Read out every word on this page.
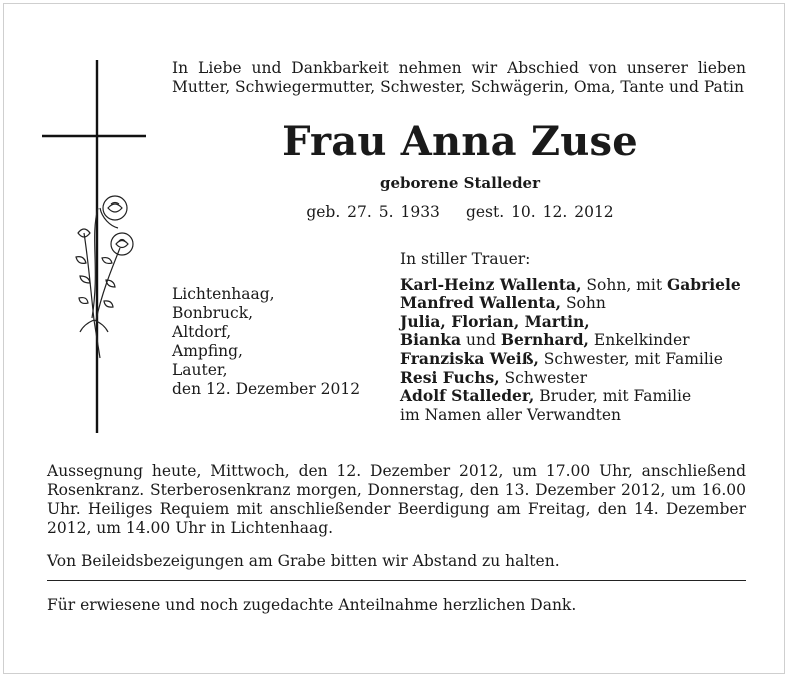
In Liebe und Dankbarkeit nehmen wir Abschied von unserer lieben Mutter, Schwiegermutter, Schwester, Schwägerin, Oma, Tante und Patin
Frau Anna Zuse
geborene Stalleder
geb. 27. 5. 1933 gest. 10. 12. 2012
Lichtenhaag,
Bonbruck,
Altdorf,
Ampfing,
Lauter,
den 12. Dezember 2012
In stiller Trauer:
Karl-Heinz Wallenta, Sohn, mit Gabriele
Manfred Wallenta, Sohn
Julia, Florian, Martin,
Bianka und Bernhard, Enkelkinder
Franziska Weiß, Schwester, mit Familie
Resi Fuchs, Schwester
Adolf Stalleder, Bruder, mit Familie
im Namen aller Verwandten
Aussegnung heute, Mittwoch, den 12. Dezember 2012, um 17.00 Uhr, anschließend Rosenkranz. Sterberosenkranz morgen, Donnerstag, den 13. Dezember 2012, um 16.00 Uhr. Heiliges Requiem mit anschließender Beerdigung am Freitag, den 14. Dezember 2012, um 14.00 Uhr in Lichtenhaag.
Von Beileidsbezeigungen am Grabe bitten wir Abstand zu halten.
Für erwiesene und noch zugedachte Anteilnahme herzlichen Dank.
